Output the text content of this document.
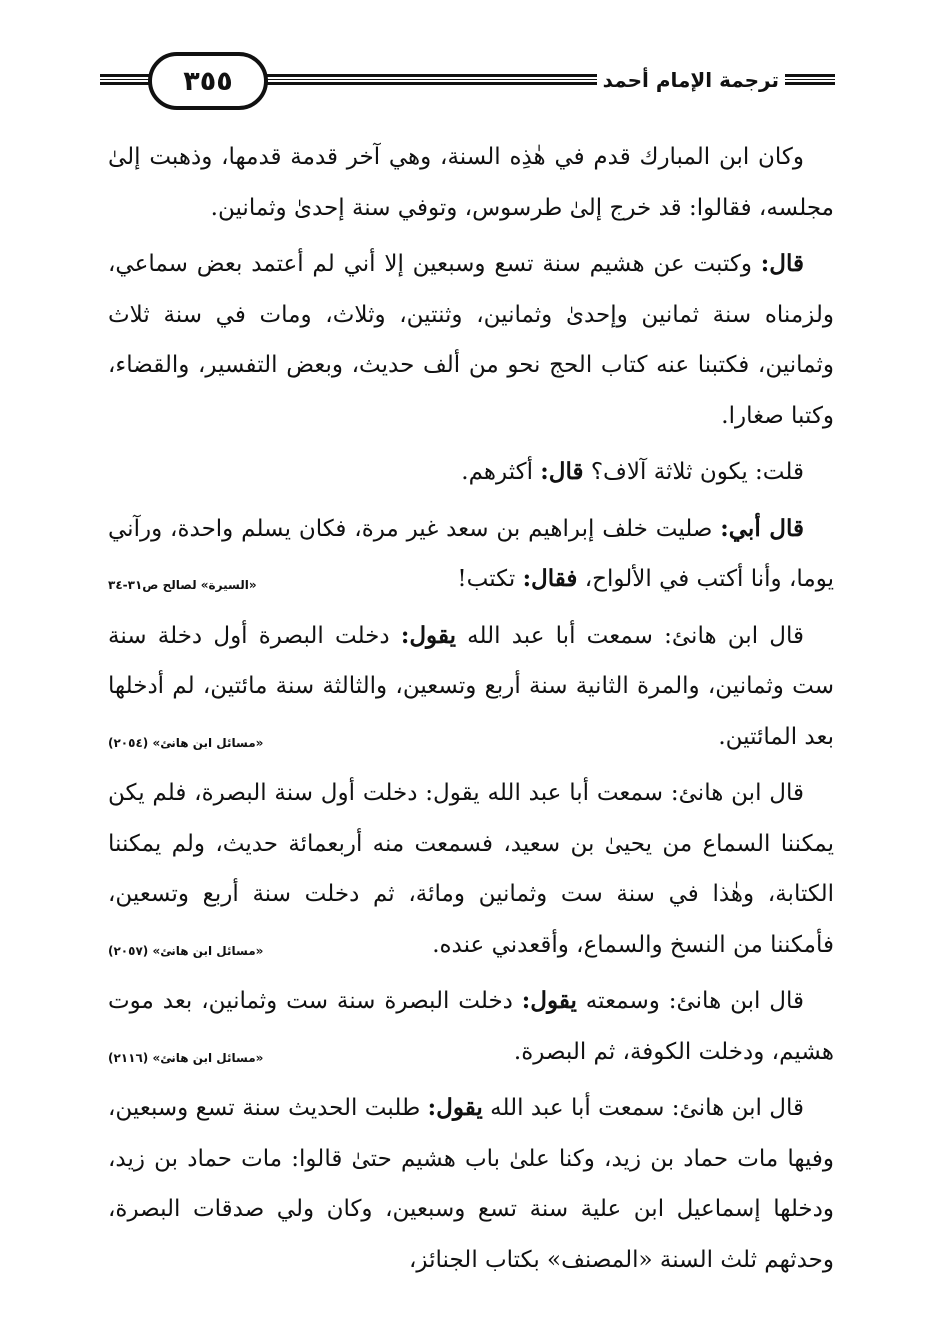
٣٥٥	ترجمة الإمام أحمد

وكان ابن المبارك قدم في هٰذِه السنة، وهي آخر قدمة قدمها، وذهبت إلىٰ مجلسه، فقالوا: قد خرج إلىٰ طرسوس، وتوفي سنة إحدىٰ وثمانين.

قال: وكتبت عن هشيم سنة تسع وسبعين إلا أني لم أعتمد بعض سماعي، ولزمناه سنة ثمانين وإحدىٰ وثمانين، وثنتين، وثلاث، ومات في سنة ثلاث وثمانين، فكتبنا عنه كتاب الحج نحو من ألف حديث، وبعض التفسير، والقضاء، وكتبا صغارا.

قلت: يكون ثلاثة آلاف؟ قال: أكثرهم.

قال أبي: صليت خلف إبراهيم بن سعد غير مرة، فكان يسلم واحدة، ورآني يوما، وأنا أكتب في الألواح، فقال: تكتب!
«السيرة» لصالح ص٣١-٣٤

قال ابن هانئ: سمعت أبا عبد الله يقول: دخلت البصرة أول دخلة سنة ست وثمانين، والمرة الثانية سنة أربع وتسعين، والثالثة سنة مائتين، لم أدخلها بعد المائتين.
«مسائل ابن هانئ» (٢٠٥٤)

قال ابن هانئ: سمعت أبا عبد الله يقول: دخلت أول سنة البصرة، فلم يكن يمكننا السماع من يحيىٰ بن سعيد، فسمعت منه أربعمائة حديث، ولم يمكننا الكتابة، وهٰذا في سنة ست وثمانين ومائة، ثم دخلت سنة أربع وتسعين، فأمكننا من النسخ والسماع، وأقعدني عنده.
«مسائل ابن هانئ» (٢٠٥٧)

قال ابن هانئ: وسمعته يقول: دخلت البصرة سنة ست وثمانين، بعد موت هشيم، ودخلت الكوفة، ثم البصرة.
«مسائل ابن هانئ» (٢١١٦)

قال ابن هانئ: سمعت أبا عبد الله يقول: طلبت الحديث سنة تسع وسبعين، وفيها مات حماد بن زيد، وكنا علىٰ باب هشيم حتىٰ قالوا: مات حماد بن زيد، ودخلها إسماعيل ابن علية سنة تسع وسبعين، وكان ولي صدقات البصرة، وحدثهم ثلث السنة «المصنف» بكتاب الجنائز،
